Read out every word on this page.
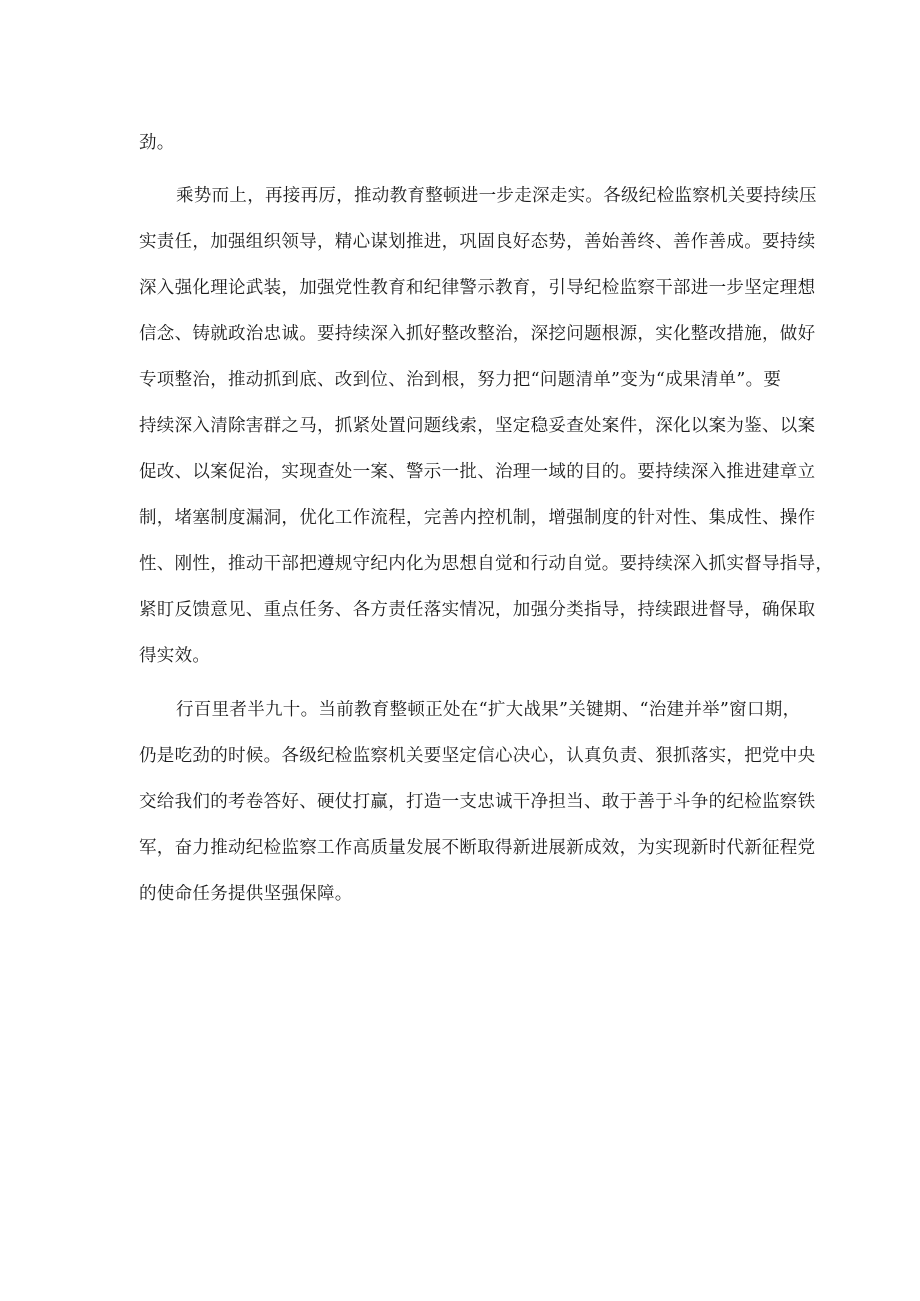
劲。
乘势而上，再接再厉，推动教育整顿进一步走深走实。各级纪检监察机关要持续压
实责任，加强组织领导，精心谋划推进，巩固良好态势，善始善终、善作善成。要持续
深入强化理论武装，加强党性教育和纪律警示教育，引导纪检监察干部进一步坚定理想
信念、铸就政治忠诚。要持续深入抓好整改整治，深挖问题根源，实化整改措施，做好
专项整治，推动抓到底、改到位、治到根，努力把“问题清单”变为“成果清单”。要
持续深入清除害群之马，抓紧处置问题线索，坚定稳妥查处案件，深化以案为鉴、以案
促改、以案促治，实现查处一案、警示一批、治理一域的目的。要持续深入推进建章立
制，堵塞制度漏洞，优化工作流程，完善内控机制，增强制度的针对性、集成性、操作
性、刚性，推动干部把遵规守纪内化为思想自觉和行动自觉。要持续深入抓实督导指导，
紧盯反馈意见、重点任务、各方责任落实情况，加强分类指导，持续跟进督导，确保取
得实效。
行百里者半九十。当前教育整顿正处在“扩大战果”关键期、“治建并举”窗口期，
仍是吃劲的时候。各级纪检监察机关要坚定信心决心，认真负责、狠抓落实，把党中央
交给我们的考卷答好、硬仗打赢，打造一支忠诚干净担当、敢于善于斗争的纪检监察铁
军，奋力推动纪检监察工作高质量发展不断取得新进展新成效，为实现新时代新征程党
的使命任务提供坚强保障。
